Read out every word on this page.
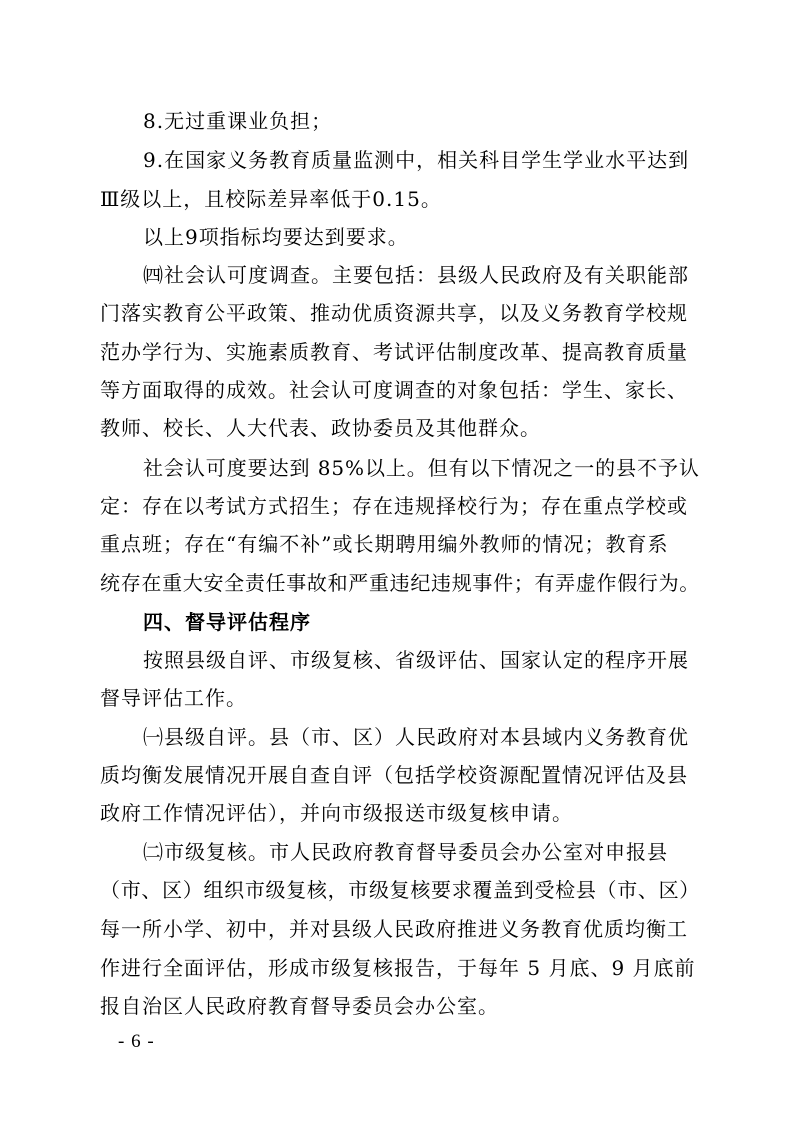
8.无过重课业负担；
9.在国家义务教育质量监测中，相关科目学生学业水平达到
Ⅲ级以上，且校际差异率低于0.15。
以上9项指标均要达到要求。
㈣社会认可度调查。主要包括：县级人民政府及有关职能部
门落实教育公平政策、推动优质资源共享，以及义务教育学校规
范办学行为、实施素质教育、考试评估制度改革、提高教育质量
等方面取得的成效。社会认可度调查的对象包括：学生、家长、
教师、校长、人大代表、政协委员及其他群众。
社会认可度要达到 85%以上。但有以下情况之一的县不予认
定：存在以考试方式招生；存在违规择校行为；存在重点学校或
重点班；存在“有编不补”或长期聘用编外教师的情况；教育系
统存在重大安全责任事故和严重违纪违规事件；有弄虚作假行为。
四、督导评估程序
按照县级自评、市级复核、省级评估、国家认定的程序开展
督导评估工作。
㈠县级自评。县（市、区）人民政府对本县域内义务教育优
质均衡发展情况开展自查自评（包括学校资源配置情况评估及县
政府工作情况评估），并向市级报送市级复核申请。
㈡市级复核。市人民政府教育督导委员会办公室对申报县
（市、区）组织市级复核，市级复核要求覆盖到受检县（市、区）
每一所小学、初中，并对县级人民政府推进义务教育优质均衡工
作进行全面评估，形成市级复核报告，于每年 5 月底、9 月底前
报自治区人民政府教育督导委员会办公室。
- 6 -
